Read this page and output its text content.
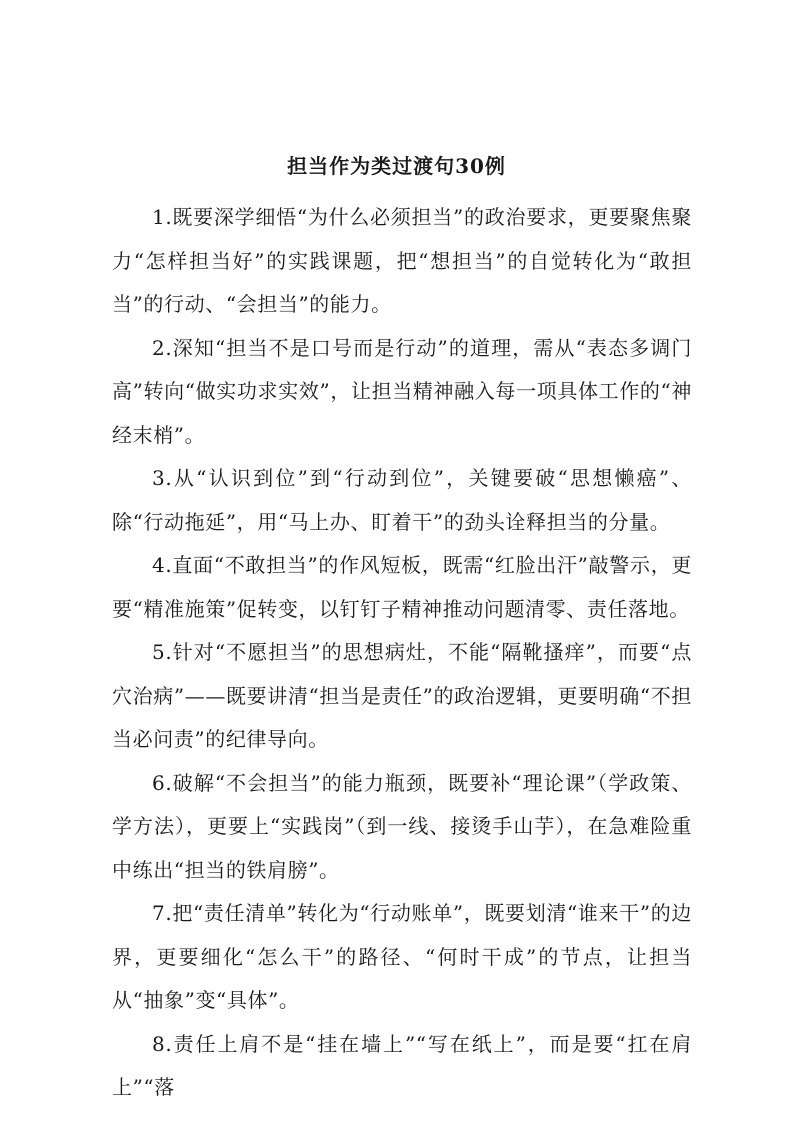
担当作为类过渡句30例

1.既要深学细悟“为什么必须担当”的政治要求，更要聚焦聚力“怎样担当好”的实践课题，把“想担当”的自觉转化为“敢担当”的行动、“会担当”的能力。

2.深知“担当不是口号而是行动”的道理，需从“表态多调门高”转向“做实功求实效”，让担当精神融入每一项具体工作的“神经末梢”。

3.从“认识到位”到“行动到位”，关键要破“思想懒癌”、除“行动拖延”，用“马上办、盯着干”的劲头诠释担当的分量。

4.直面“不敢担当”的作风短板，既需“红脸出汗”敲警示，更要“精准施策”促转变，以钉钉子精神推动问题清零、责任落地。

5.针对“不愿担当”的思想病灶，不能“隔靴搔痒”，而要“点穴治病”——既要讲清“担当是责任”的政治逻辑，更要明确“不担当必问责”的纪律导向。

6.破解“不会担当”的能力瓶颈，既要补“理论课”（学政策、学方法），更要上“实践岗”（到一线、接烫手山芋），在急难险重中练出“担当的铁肩膀”。

7.把“责任清单”转化为“行动账单”，既要划清“谁来干”的边界，更要细化“怎么干”的路径、“何时干成”的节点，让担当从“抽象”变“具体”。

8.责任上肩不是“挂在墙上”“写在纸上”，而是要“扛在肩上”“落
